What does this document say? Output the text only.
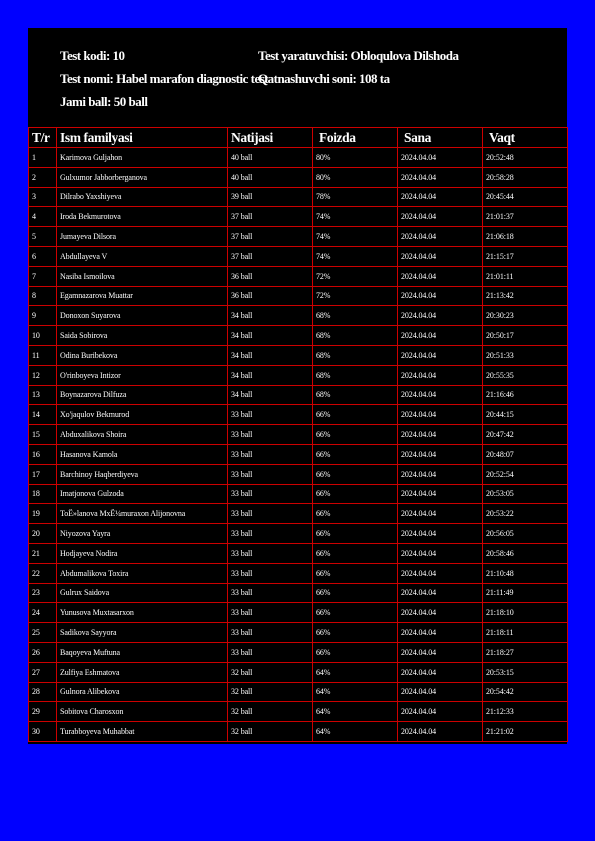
Test kodi: 10	Test yaratuvchisi: Obloqulova Dilshoda
Test nomi: Habel marafon diagnostic test
Qatnashuvchi soni: 108 ta
Jami ball: 50 ball
T/r	Ism familyasi	Natijasi	Foizda	Sana	Vaqt
1	Karimova Guljahon	40 ball	80%	2024.04.04	20:52:48
2	Gulxumor Jabborberganova	40 ball	80%	2024.04.04	20:58:28
3	Dilrabo Yaxshiyeva	39 ball	78%	2024.04.04	20:45:44
4	Iroda Bekmurotova	37 ball	74%	2024.04.04	21:01:37
5	Jumayeva Dilsora	37 ball	74%	2024.04.04	21:06:18
6	Abdullayeva V	37 ball	74%	2024.04.04	21:15:17
7	Nasiba Ismoilova	36 ball	72%	2024.04.04	21:01:11
8	Egamnazarova Muattar	36 ball	72%	2024.04.04	21:13:42
9	Donoxon Suyarova	34 ball	68%	2024.04.04	20:30:23
10	Saida Sobirova	34 ball	68%	2024.04.04	20:50:17
11	Odina Buribekova	34 ball	68%	2024.04.04	20:51:33
12	O'rinboyeva Intizor	34 ball	68%	2024.04.04	20:55:35
13	Boynazarova Dilfuza	34 ball	68%	2024.04.04	21:16:46
14	Xo'jaqulov Bekmurod	33 ball	66%	2024.04.04	20:44:15
15	Abduxalikova Shoira	33 ball	66%	2024.04.04	20:47:42
16	Hasanova Kamola	33 ball	66%	2024.04.04	20:48:07
17	Barchinoy Haqberdiyeva	33 ball	66%	2024.04.04	20:52:54
18	Imatjonova Gulzoda	33 ball	66%	2024.04.04	20:53:05
19	ToЁ»lanova MxЁ¼muraxon Alijonovna	33 ball	66%	2024.04.04	20:53:22
20	Niyozova Yayra	33 ball	66%	2024.04.04	20:56:05
21	Hodjayeva Nodira	33 ball	66%	2024.04.04	20:58:46
22	Abdumalikova Toxira	33 ball	66%	2024.04.04	21:10:48
23	Gulrux Saidova	33 ball	66%	2024.04.04	21:11:49
24	Yunusova Muxtasarxon	33 ball	66%	2024.04.04	21:18:10
25	Sadikova Sayyora	33 ball	66%	2024.04.04	21:18:11
26	Baqoyeva Muftuna	33 ball	66%	2024.04.04	21:18:27
27	Zulfiya Eshmatova	32 ball	64%	2024.04.04	20:53:15
28	Gulnora Alibekova	32 ball	64%	2024.04.04	20:54:42
29	Sobitova Charosxon	32 ball	64%	2024.04.04	21:12:33
30	Turabboyeva Muhabbat	32 ball	64%	2024.04.04	21:21:02
